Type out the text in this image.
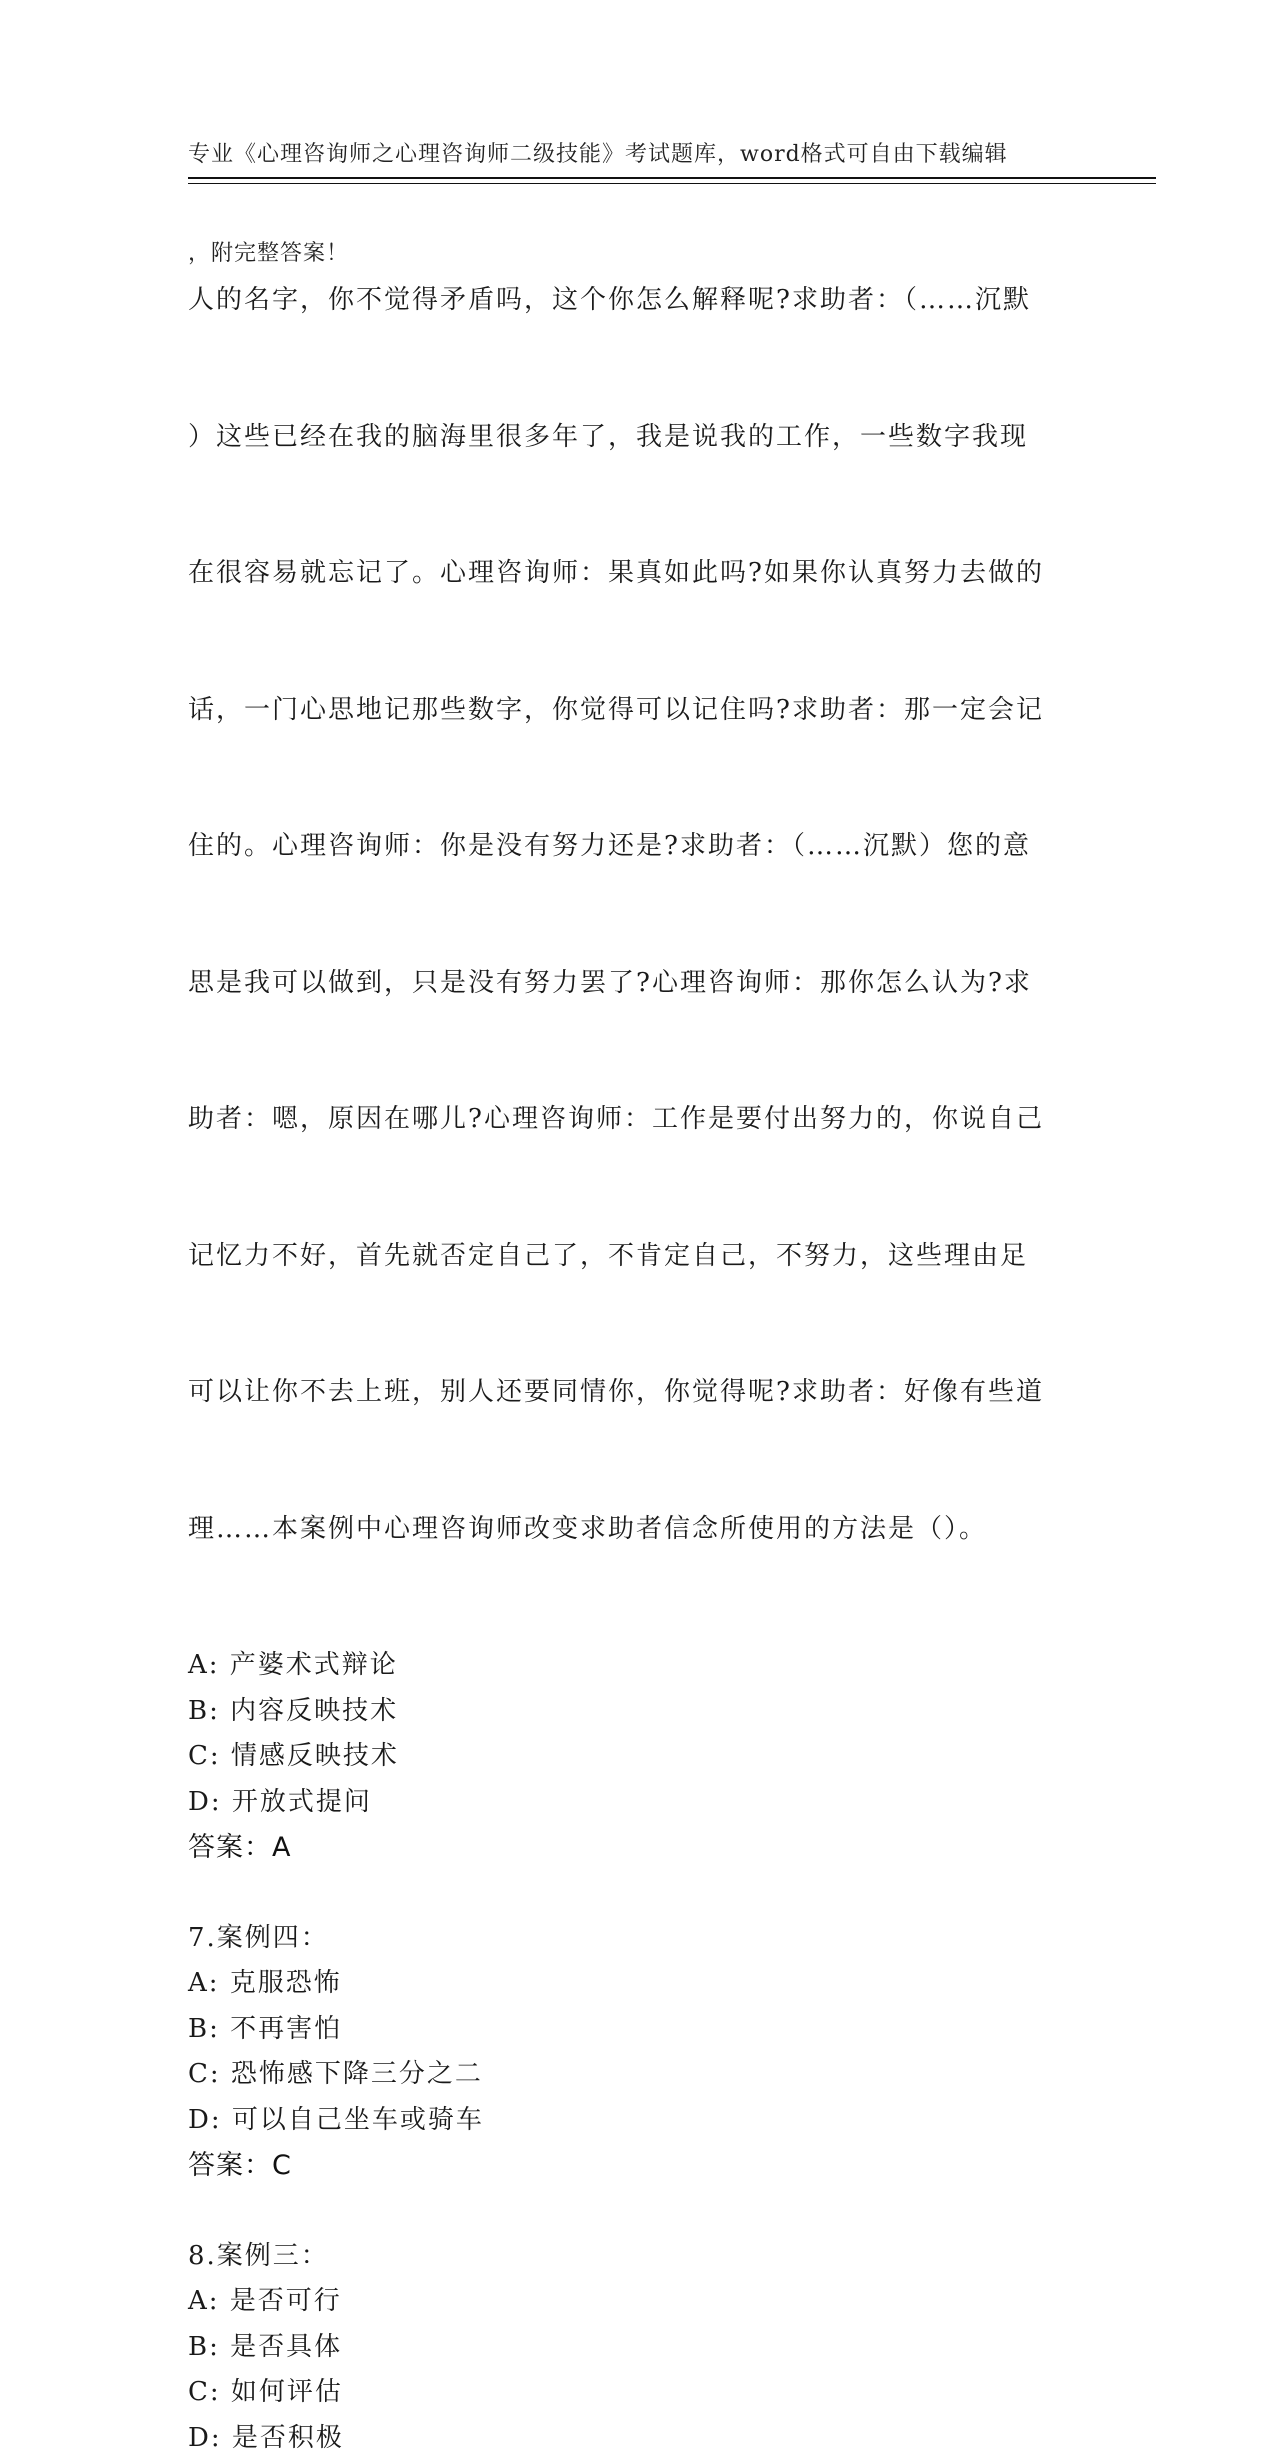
专业《心理咨询师之心理咨询师二级技能》考试题库，word格式可自由下载编辑

，附完整答案！

人的名字，你不觉得矛盾吗，这个你怎么解释呢?求助者：（……沉默

）这些已经在我的脑海里很多年了，我是说我的工作，一些数字我现

在很容易就忘记了。心理咨询师：果真如此吗?如果你认真努力去做的

话，一门心思地记那些数字，你觉得可以记住吗?求助者：那一定会记

住的。心理咨询师：你是没有努力还是?求助者：（……沉默）您的意

思是我可以做到，只是没有努力罢了?心理咨询师：那你怎么认为?求

助者：嗯，原因在哪儿?心理咨询师：工作是要付出努力的，你说自己

记忆力不好，首先就否定自己了，不肯定自己，不努力，这些理由足

可以让你不去上班，别人还要同情你，你觉得呢?求助者：好像有些道

理……本案例中心理咨询师改变求助者信念所使用的方法是（）。

A: 产婆术式辩论
B: 内容反映技术
C: 情感反映技术
D: 开放式提问
答案：A
7.案例四：
A: 克服恐怖
B: 不再害怕
C: 恐怖感下降三分之二
D: 可以自己坐车或骑车
答案：C
8.案例三：
A: 是否可行
B: 是否具体
C: 如何评估
D: 是否积极
